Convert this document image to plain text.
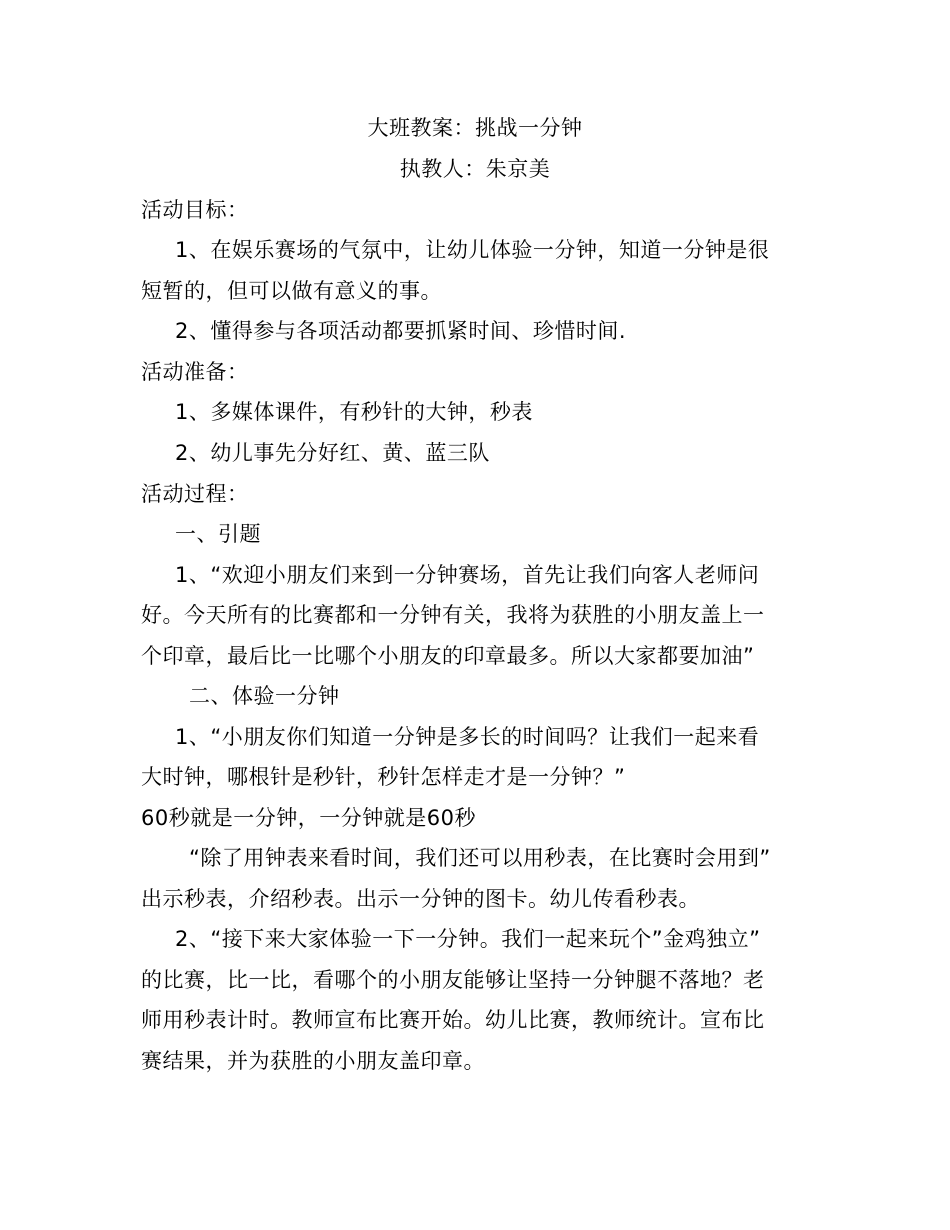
大班教案：挑战一分钟
执教人：朱京美
活动目标：
1、在娱乐赛场的气氛中，让幼儿体验一分钟，知道一分钟是很
短暂的，但可以做有意义的事。
2、懂得参与各项活动都要抓紧时间、珍惜时间.
活动准备：
1、多媒体课件，有秒针的大钟，秒表
2、幼儿事先分好红、黄、蓝三队
活动过程：
一、引题
1、“欢迎小朋友们来到一分钟赛场，首先让我们向客人老师问
好。今天所有的比赛都和一分钟有关，我将为获胜的小朋友盖上一
个印章，最后比一比哪个小朋友的印章最多。所以大家都要加油”
二、体验一分钟
1、“小朋友你们知道一分钟是多长的时间吗？让我们一起来看
大时钟，哪根针是秒针，秒针怎样走才是一分钟？”
60秒就是一分钟，一分钟就是60秒
“除了用钟表来看时间，我们还可以用秒表，在比赛时会用到”
出示秒表，介绍秒表。出示一分钟的图卡。幼儿传看秒表。
2、“接下来大家体验一下一分钟。我们一起来玩个”金鸡独立”
的比赛，比一比，看哪个的小朋友能够让坚持一分钟腿不落地？老
师用秒表计时。教师宣布比赛开始。幼儿比赛，教师统计。宣布比
赛结果，并为获胜的小朋友盖印章。
